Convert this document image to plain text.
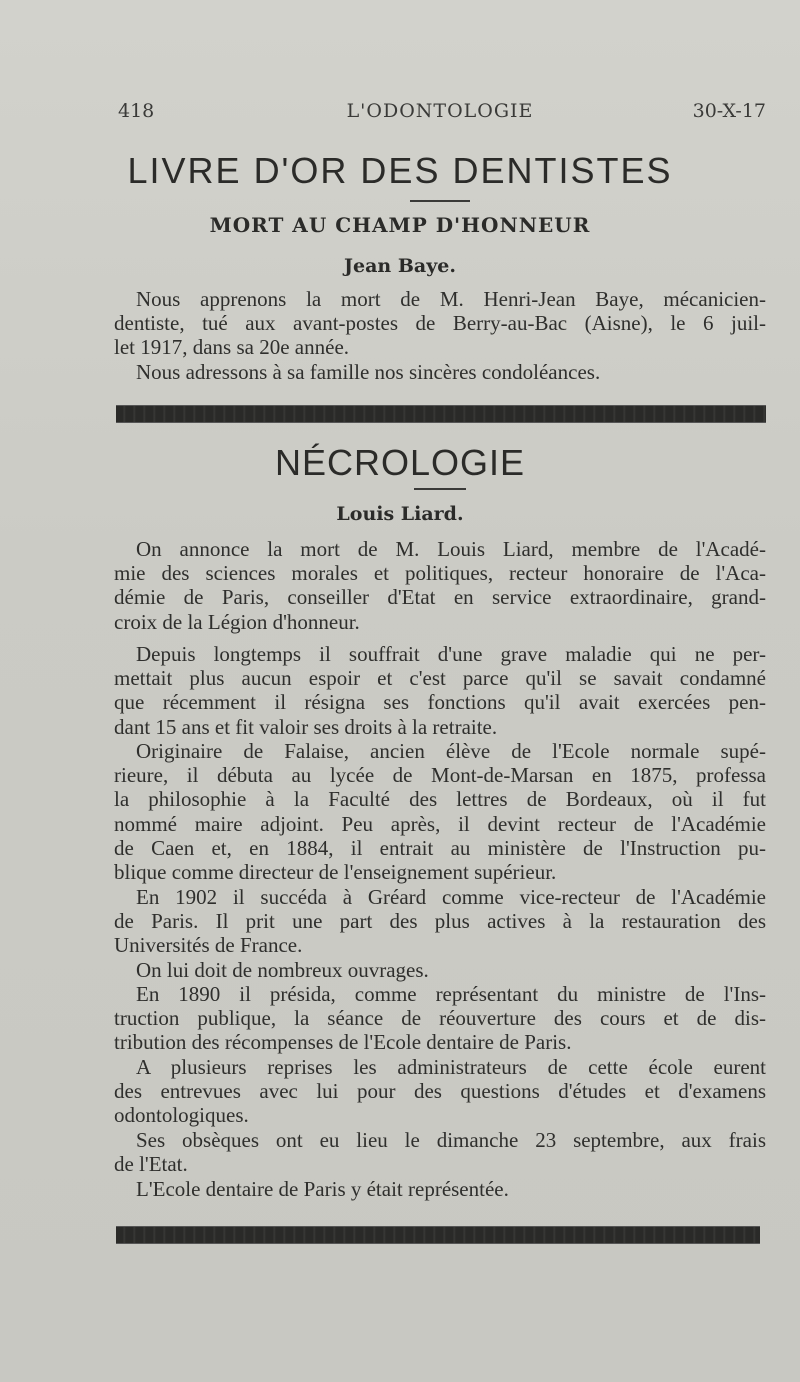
418	L'ODONTOLOGIE	30-X-17
LIVRE D'OR DES DENTISTES
MORT AU CHAMP D'HONNEUR
Jean Baye.
Nous apprenons la mort de M. Henri-Jean Baye, mécanicien-
dentiste, tué aux avant-postes de Berry-au-Bac (Aisne), le 6 juil-
let 1917, dans sa 20e année.
Nous adressons à sa famille nos sincères condoléances.
NÉCROLOGIE
Louis Liard.
On annonce la mort de M. Louis Liard, membre de l'Acadé-
mie des sciences morales et politiques, recteur honoraire de l'Aca-
démie de Paris, conseiller d'Etat en service extraordinaire, grand-
croix de la Légion d'honneur.
Depuis longtemps il souffrait d'une grave maladie qui ne per-
mettait plus aucun espoir et c'est parce qu'il se savait condamné
que récemment il résigna ses fonctions qu'il avait exercées pen-
dant 15 ans et fit valoir ses droits à la retraite.
Originaire de Falaise, ancien élève de l'Ecole normale supé-
rieure, il débuta au lycée de Mont-de-Marsan en 1875, professa
la philosophie à la Faculté des lettres de Bordeaux, où il fut
nommé maire adjoint. Peu après, il devint recteur de l'Académie
de Caen et, en 1884, il entrait au ministère de l'Instruction pu-
blique comme directeur de l'enseignement supérieur.
En 1902 il succéda à Gréard comme vice-recteur de l'Académie
de Paris. Il prit une part des plus actives à la restauration des
Universités de France.
On lui doit de nombreux ouvrages.
En 1890 il présida, comme représentant du ministre de l'Ins-
truction publique, la séance de réouverture des cours et de dis-
tribution des récompenses de l'Ecole dentaire de Paris.
A plusieurs reprises les administrateurs de cette école eurent
des entrevues avec lui pour des questions d'études et d'examens
odontologiques.
Ses obsèques ont eu lieu le dimanche 23 septembre, aux frais
de l'Etat.
L'Ecole dentaire de Paris y était représentée.
